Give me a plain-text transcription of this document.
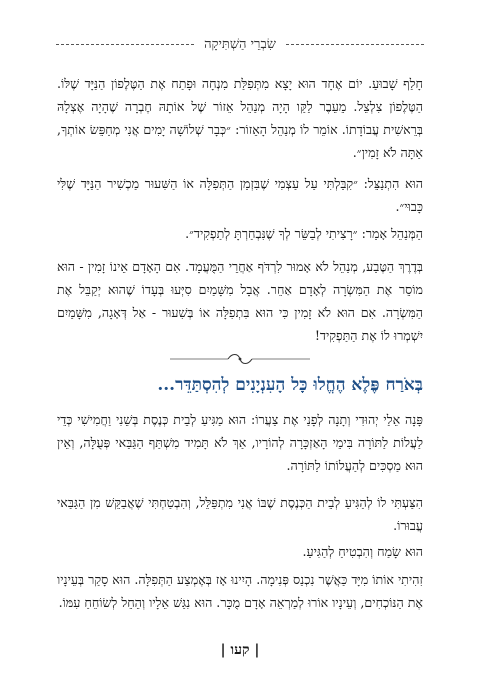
שִׂבְרֵי הַשְׁתִּיקָה

חָלַף שָׁבוּעַ. יוֹם אֶחָד הוּא יָצָא מִתְּפִלַּת מִנְחָה וּפָתַח אֶת הַטֶּלֶפוֹן הַנַּיָּד שֶׁלּוֹ. הַטֶּלֶפוֹן צִלְצֵל. מֵעֵבֶר לַקַּו הָיָה מְנַהֵל אֵזוֹר שֶׁל אוֹתָהּ חֶבְרָה שֶׁהָיָה אֶצְלָהּ בְּרֵאשִׁית עֲבוֹדָתוֹ. אוֹמֵר לוֹ מְנַהֵל הָאֵזוֹר: ״כְּבָר שְׁלוֹשָׁה יָמִים אֲנִי מְחַפֵּשׂ אוֹתְךָ, אַתָּה לֹא זָמִין״.

הוּא הִתְנַצֵּל: ״קִבַּלְתִּי עַל עַצְמִי שֶׁבִּזְמַן הַתְּפִלָּה אוֹ הַשִּׁעוּר מַכְשִׁיר הַנַּיָּד שֶׁלִּי כָּבוּי״.

הַמְּנַהֵל אָמַר: ״רָצִיתִי לְבַשֵּׂר לְךָ שֶׁנִּבְחַרְתָּ לְתַפְקִיד״.

בְּדֶרֶךְ הַטֶּבַע, מְנַהֵל לֹא אָמוּר לִרְדֹּף אַחֲרֵי הַמֻּעֲמָד. אִם הָאָדָם אֵינוֹ זָמִין - הוּא מוֹסֵר אֶת הַמִּשְׂרָה לְאָדָם אַחֵר. אֲבָל מִשָּׁמַיִם סִיְּעוּ בְּעָדוֹ שֶׁהוּא יְקַבֵּל אֶת הַמִּשְׂרָה. אִם הוּא לֹא זָמִין כִּי הוּא בִּתְפִלָּה אוֹ בְּשִׁעוּר - אַל דְּאָגָה, מִשָּׁמַיִם יִשְׁמְרוּ לוֹ אֶת הַתַּפְקִיד!

בְּאֹרַח פֶּלֶא הֶחֱלוּ כָּל הָעִנְיָנִים לְהִסְתַּדֵּר...

פָּנָה אֵלַי יְהוּדִי וְתָנָה לְפָנַי אֶת צַעֲרוֹ: הוּא מַגִּיעַ לְבֵית כְּנֶסֶת בְּשֵׁנִי וַחֲמִישִׁי כְּדֵי לַעֲלוֹת לַתּוֹרָה בִּימֵי הָאַזְכָּרָה לְהוֹרָיו, אַךְ לֹא תָּמִיד מִשְׁתַּף הַגַּבַּאי פְּעֻלָּה, וְאֵין הוּא מַסְכִּים לְהַעֲלוֹתוֹ לַתּוֹרָה.

הִצַּעְתִּי לוֹ לְהַגִּיעַ לְבֵית הַכְּנֶסֶת שֶׁבּוֹ אֲנִי מִתְפַּלֵּל, וְהִבְטַחְתִּי שֶׁאֲבַקֵּשׁ מִן הַגַּבַּאי עֲבוּרוֹ.

הוּא שָׂמַח וְהִבְטִיחַ לְהַגִּיעַ.

זִהִיתִי אוֹתוֹ מִיָּד כַּאֲשֶׁר נִכְנַס פְּנִימָה. הָיִינוּ אָז בְּאֶמְצַע הַתְּפִלָּה. הוּא סָקַר בְּעֵינָיו אֶת הַנּוֹכְחִים, וְעֵינָיו אוֹרוּ לְמַרְאֵה אָדָם מֻכָּר. הוּא נִגַּשׁ אֵלָיו וְהֵחֵל לְשׂוֹחֵחַ עִמּוֹ.

| קעו |
